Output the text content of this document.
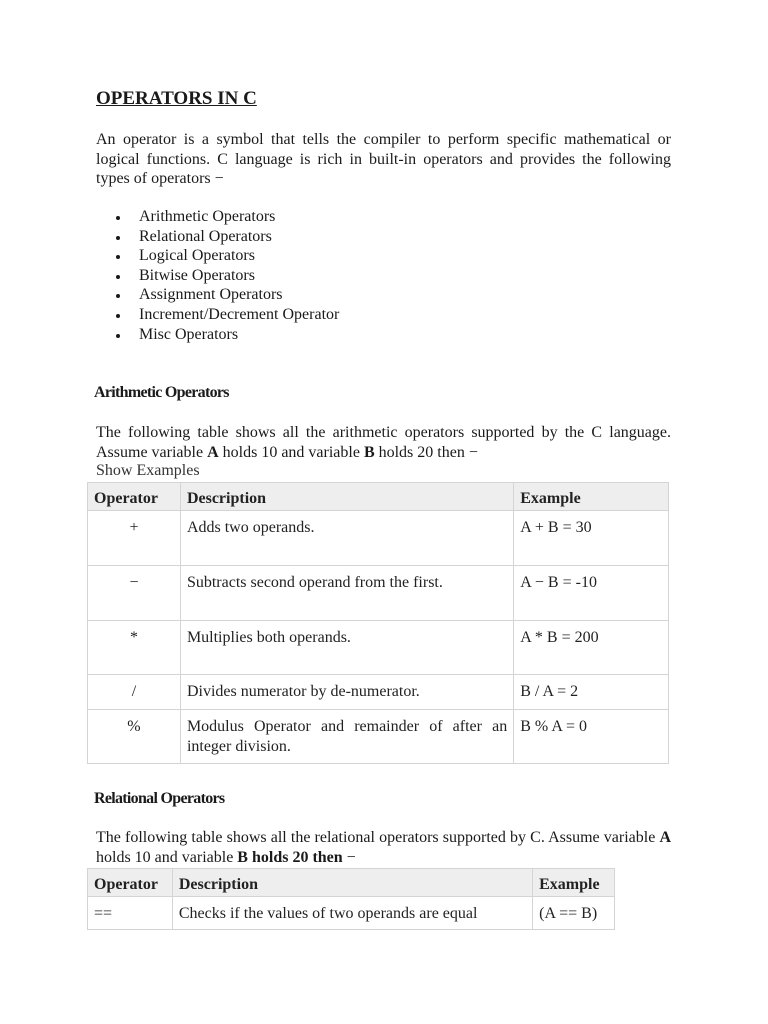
OPERATORS IN C

An operator is a symbol that tells the compiler to perform specific mathematical or logical functions. C language is rich in built-in operators and provides the following types of operators −

Arithmetic Operators
Relational Operators
Logical Operators
Bitwise Operators
Assignment Operators
Increment/Decrement Operator
Misc Operators
Arithmetic Operators

The following table shows all the arithmetic operators supported by the C language. Assume variable A holds 10 and variable B holds 20 then −

Show Examples

Operator	Description	Example
+	Adds two operands.	A + B = 30
−	Subtracts second operand from the first.	A − B = -10
*	Multiplies both operands.	A * B = 200
/	Divides numerator by de-numerator.	B / A = 2
%	Modulus Operator and remainder of after an integer division.	B % A = 0
Relational Operators

The following table shows all the relational operators supported by C. Assume variable A holds 10 and variable B holds 20 then −

Operator	Description	Example
==	Checks if the values of two operands are equal	(A == B)
